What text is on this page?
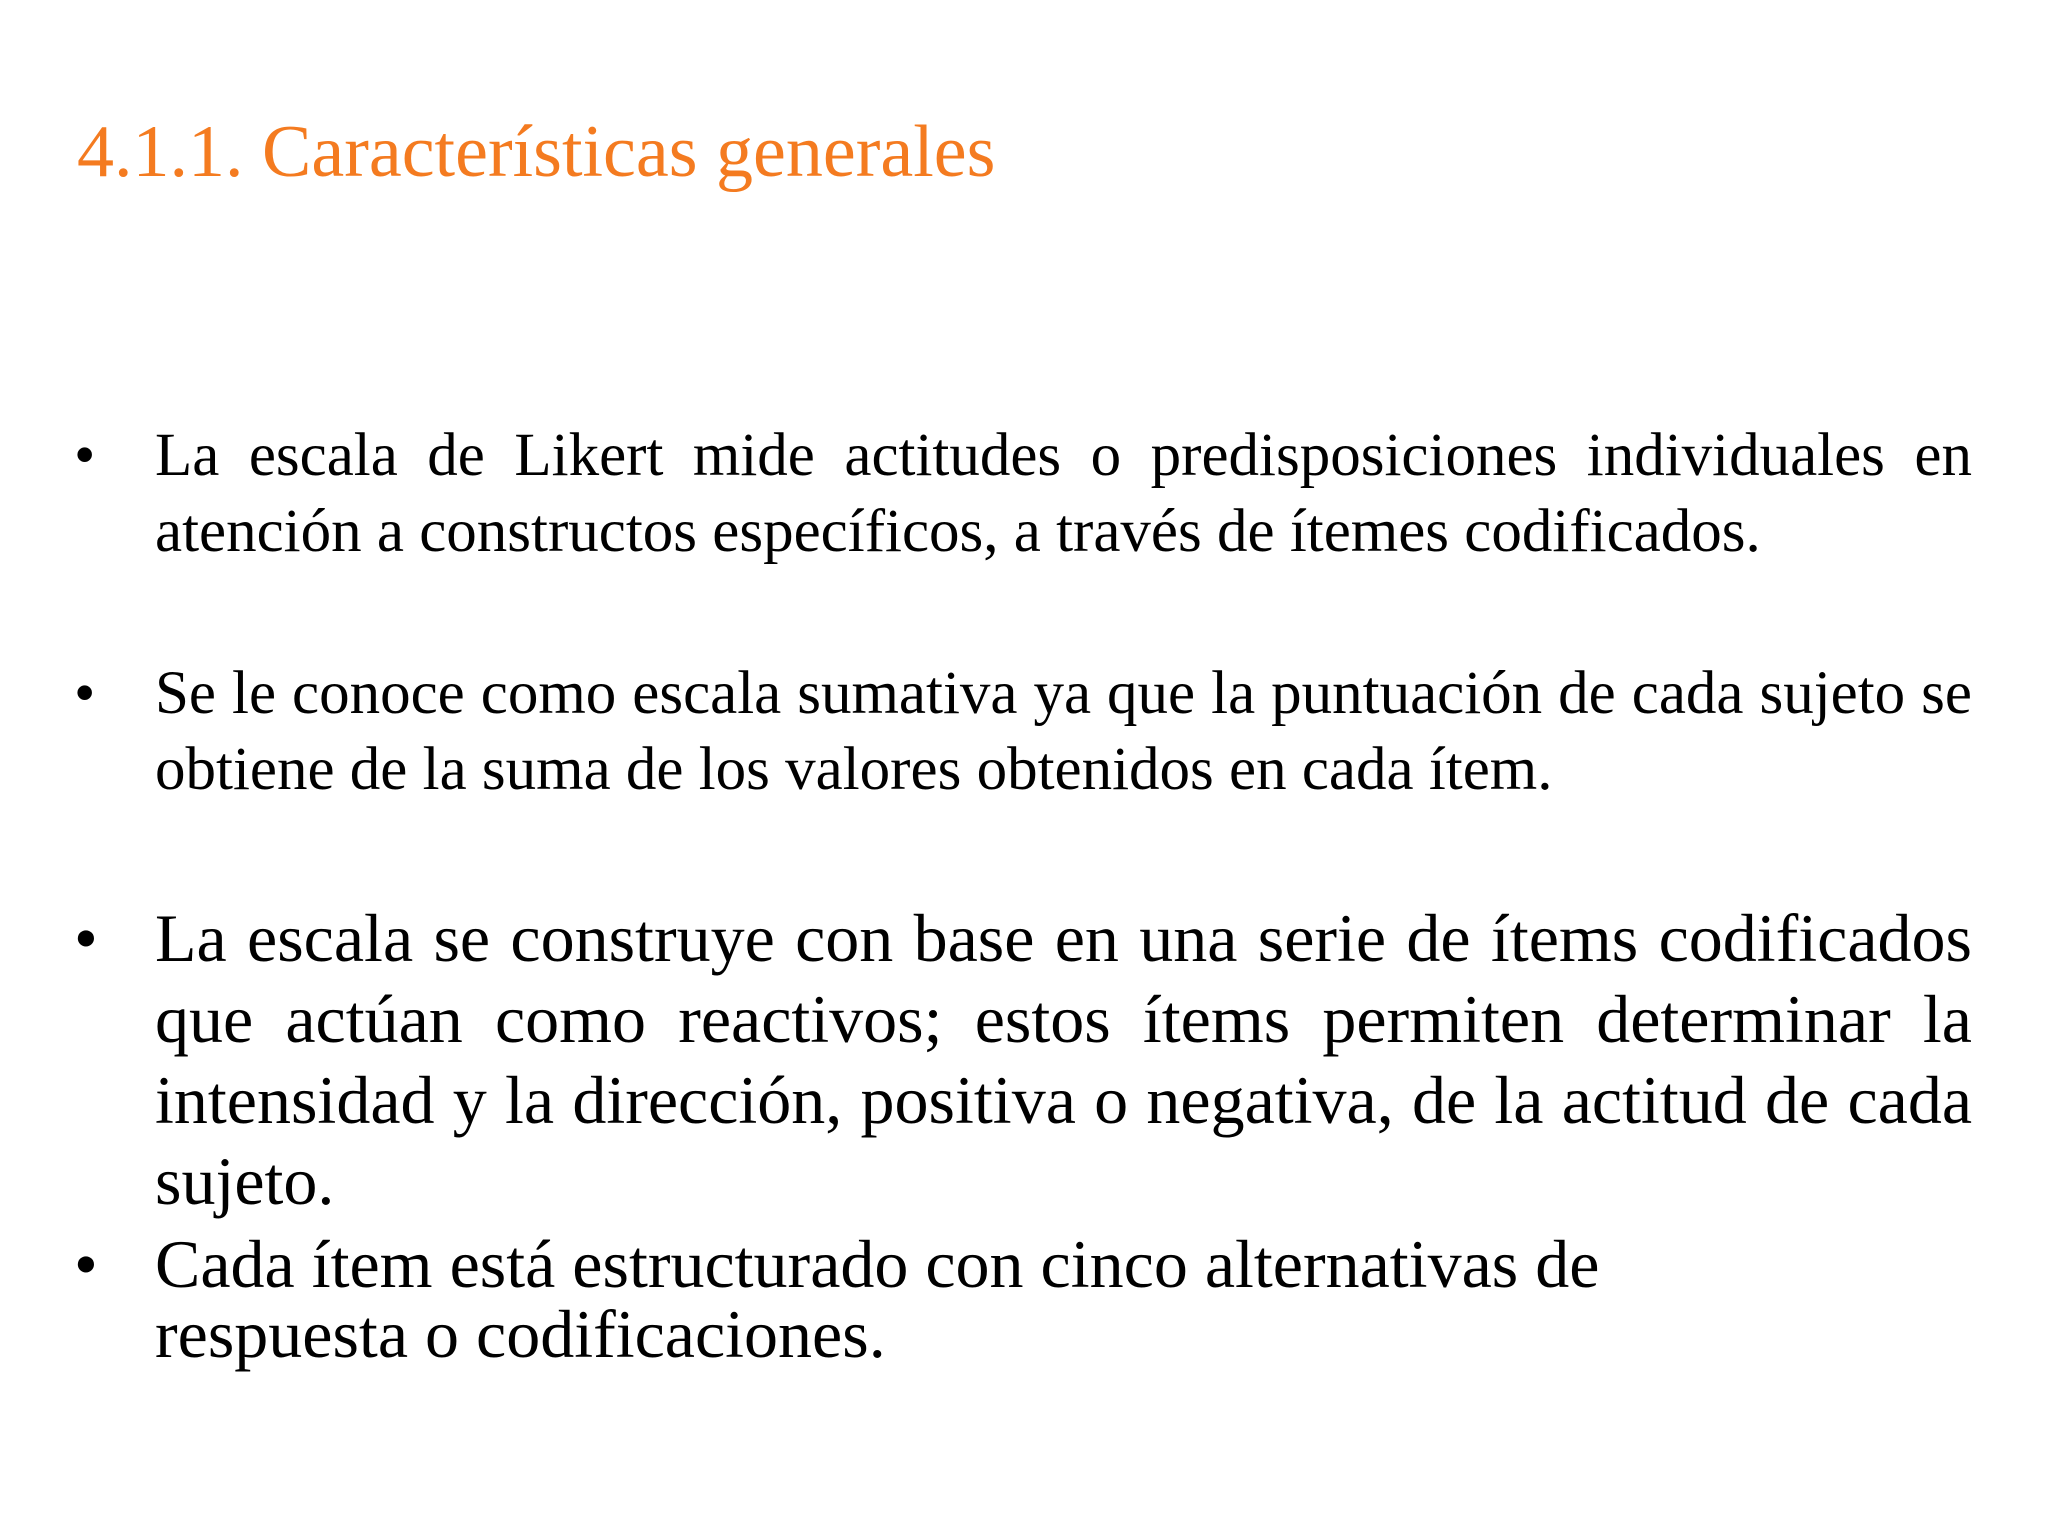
4.1.1. Características generales
• La escala de Likert mide actitudes o predisposiciones individuales en atención a constructos específicos, a través de ítemes codificados.
• Se le conoce como escala sumativa ya que la puntuación de cada sujeto se obtiene de la suma de los valores obtenidos en cada ítem.
• La escala se construye con base en una serie de ítems codificados que actúan como reactivos; estos ítems permiten determinar la intensidad y la dirección, positiva o negativa, de la actitud de cada sujeto.
• Cada ítem está estructurado con cinco alternativas de respuesta o codificaciones.
